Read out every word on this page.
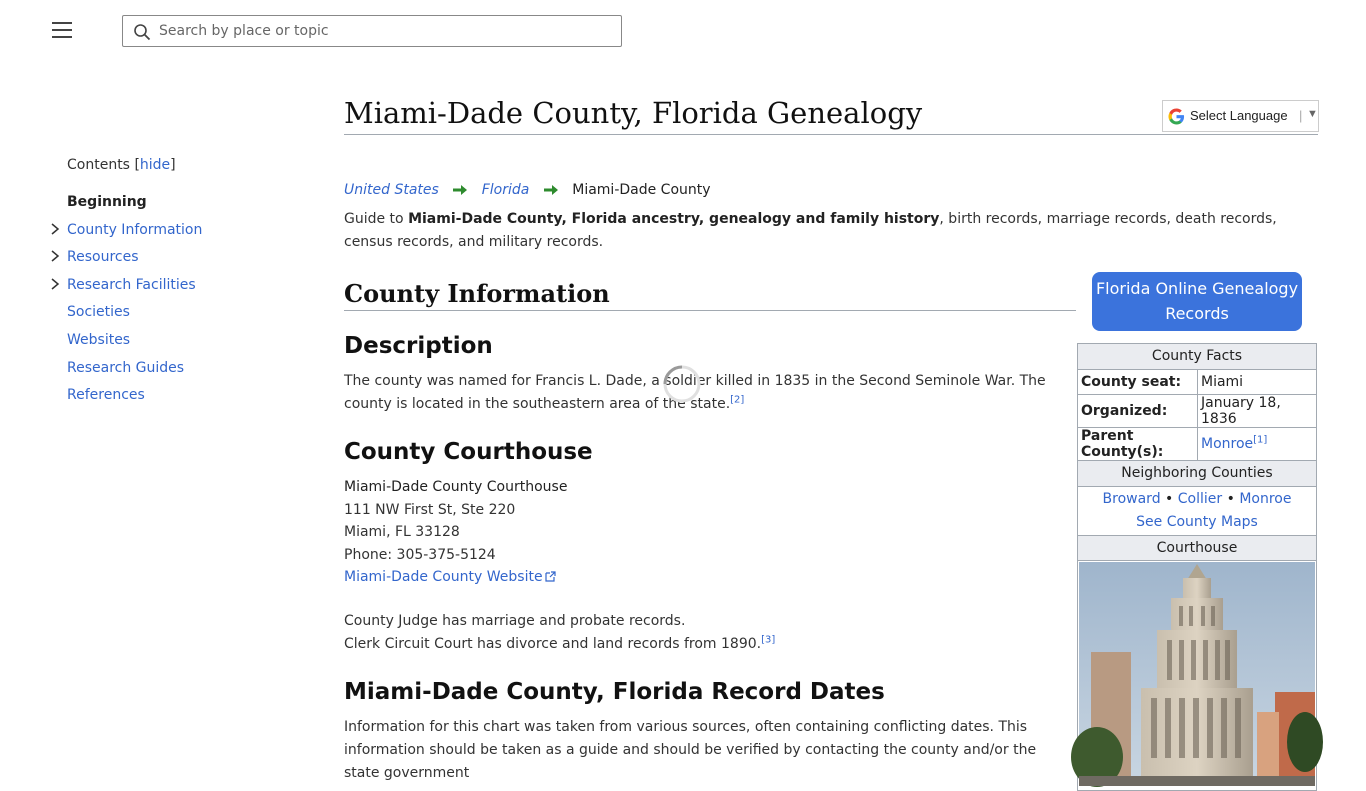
Search by place or topic
Contents [hide]
Beginning
County Information
Resources
Research Facilities
Societies
Websites
Research Guides
References
Miami-Dade County, Florida Genealogy	Select Language | ▼
United States	Florida	Miami-Dade County

Guide to Miami-Dade County, Florida ancestry, genealogy and family history, birth records, marriage records, death records, census records, and military records.

County Information
Description

The county was named for Francis L. Dade, a soldier killed in 1835 in the Second Seminole War. The county is located in the southeastern area of the state.[2]

County Courthouse
Miami-Dade County Courthouse
111 NW First St, Ste 220
Miami, FL 33128
Phone: 305-375-5124
Miami-Dade County Website
County Judge has marriage and probate records.
Clerk Circuit Court has divorce and land records from 1890.[3]
Miami-Dade County, Florida Record Dates

Information for this chart was taken from various sources, often containing conflicting dates. This information should be taken as a guide and should be verified by contacting the county and/or the state government

Florida Online Genealogy Records
County Facts	
County seat:	Miami
Organized:	January 18, 1836
Parent County(s):	Monroe[1]
Neighboring Counties	
Broward • Collier • Monroe
See County Maps	
Courthouse	
